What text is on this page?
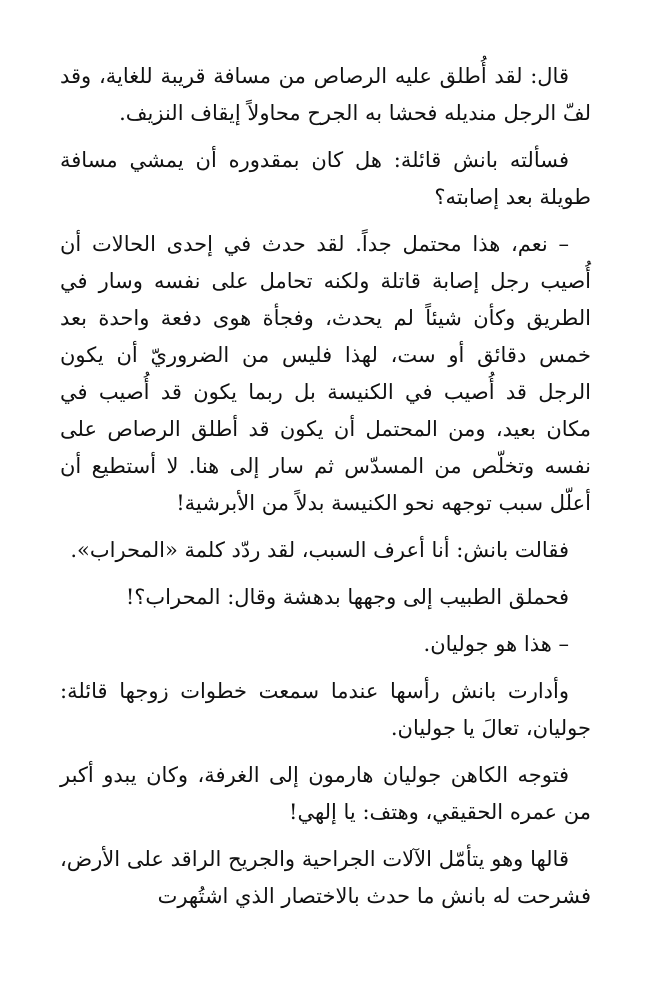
قال: لقد أُطلق عليه الرصاص من مسافة قريبة للغاية، وقد لفّ الرجل منديله فحشا به الجرح محاولاً إيقاف النزيف.

فسألته بانش قائلة: هل كان بمقدوره أن يمشي مسافة طويلة بعد إصابته؟

– نعم، هذا محتمل جداً. لقد حدث في إحدى الحالات أن أُصيب رجل إصابة قاتلة ولكنه تحامل على نفسه وسار في الطريق وكأن شيئاً لم يحدث، وفجأة هوى دفعة واحدة بعد خمس دقائق أو ست، لهذا فليس من الضروريّ أن يكون الرجل قد أُصيب في الكنيسة بل ربما يكون قد أُصيب في مكان بعيد، ومن المحتمل أن يكون قد أطلق الرصاص على نفسه وتخلّص من المسدّس ثم سار إلى هنا. لا أستطيع أن أعلّل سبب توجهه نحو الكنيسة بدلاً من الأبرشية!

فقالت بانش: أنا أعرف السبب، لقد ردّد كلمة «المحراب».

فحملق الطبيب إلى وجهها بدهشة وقال: المحراب؟!

– هذا هو جوليان.

وأدارت بانش رأسها عندما سمعت خطوات زوجها قائلة: جوليان، تعالَ يا جوليان.

فتوجه الكاهن جوليان هارمون إلى الغرفة، وكان يبدو أكبر من عمره الحقيقي، وهتف: يا إلهي!

قالها وهو يتأمّل الآلات الجراحية والجريح الراقد على الأرض، فشرحت له بانش ما حدث بالاختصار الذي اشتُهرت
